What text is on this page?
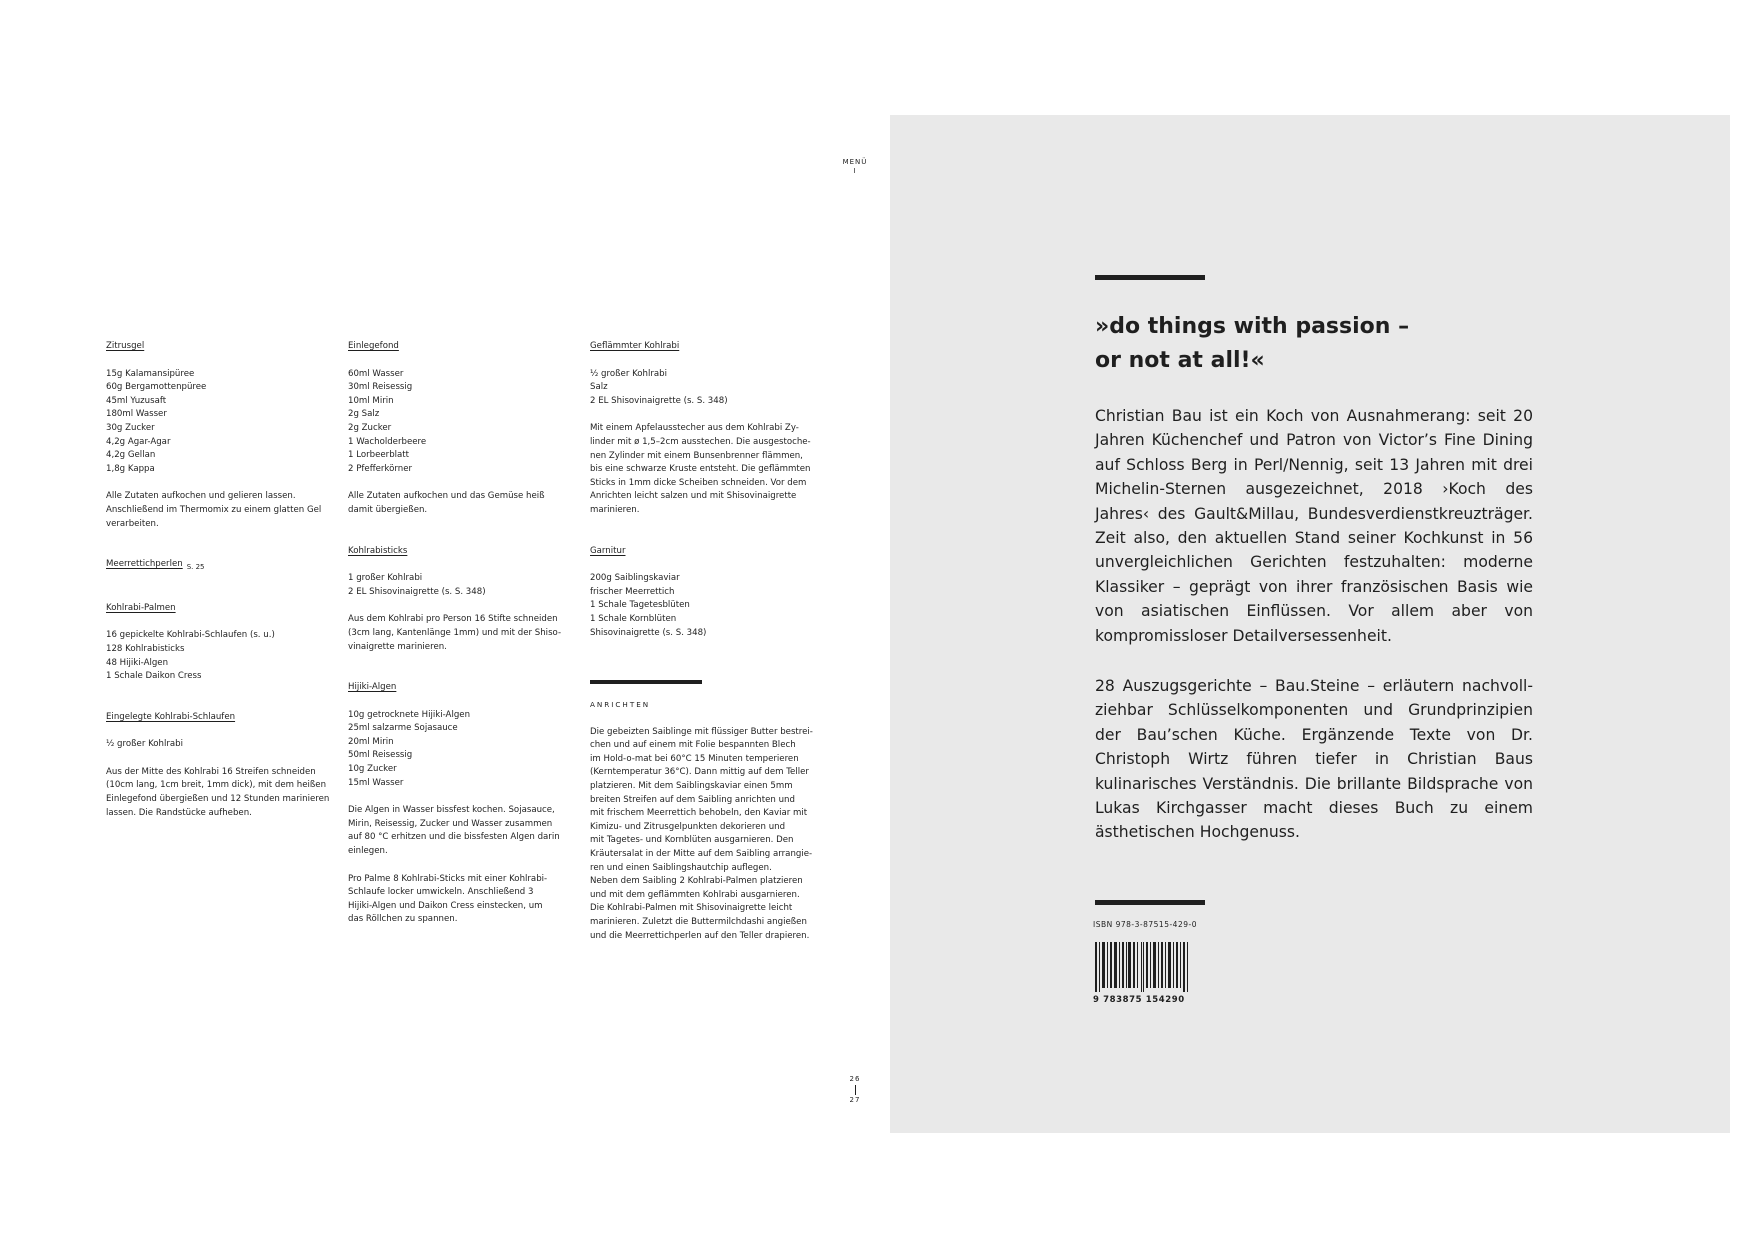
MENÜ
I
Zitrusgel
15g Kalamansipüree
60g Bergamottenpüree
45ml Yuzusaft
180ml Wasser
30g Zucker
4,2g Agar-Agar
4,2g Gellan
1,8g Kappa

Alle Zutaten aufkochen und gelieren lassen.
Anschließend im Thermomix zu einem glatten Gel
verarbeiten.

Meerrettichperlen $_{S. 25}$
Kohlrabi-Palmen
16 gepickelte Kohlrabi-Schlaufen (s. u.)
128 Kohlrabisticks
48 Hijiki-Algen
1 Schale Daikon Cress
Eingelegte Kohlrabi-Schlaufen
½ großer Kohlrabi

Aus der Mitte des Kohlrabi 16 Streifen schneiden
(10cm lang, 1cm breit, 1mm dick), mit dem heißen
Einlegefond übergießen und 12 Stunden marinieren
lassen. Die Randstücke aufheben.

Einlegefond
60ml Wasser
30ml Reisessig
10ml Mirin
2g Salz
2g Zucker
1 Wacholderbeere
1 Lorbeerblatt
2 Pfefferkörner

Alle Zutaten aufkochen und das Gemüse heiß
damit übergießen.

Kohlrabisticks
1 großer Kohlrabi
2 EL Shisovinaigrette (s. S. 348)

Aus dem Kohlrabi pro Person 16 Stifte schneiden
(3cm lang, Kantenlänge 1mm) und mit der Shiso-
vinaigrette marinieren.

Hijiki-Algen
10g getrocknete Hijiki-Algen
25ml salzarme Sojasauce
20ml Mirin
50ml Reisessig
10g Zucker
15ml Wasser

Die Algen in Wasser bissfest kochen. Sojasauce,
Mirin, Reisessig, Zucker und Wasser zusammen
auf 80 °C erhitzen und die bissfesten Algen darin
einlegen.

Pro Palme 8 Kohlrabi-Sticks mit einer Kohlrabi-
Schlaufe locker umwickeln. Anschließend 3
Hijiki-Algen und Daikon Cress einstecken, um
das Röllchen zu spannen.

Geflämmter Kohlrabi
½ großer Kohlrabi
Salz
2 EL Shisovinaigrette (s. S. 348)

Mit einem Apfelausstecher aus dem Kohlrabi Zy-
linder mit ø 1,5–2cm ausstechen. Die ausgestoche-
nen Zylinder mit einem Bunsenbrenner flämmen,
bis eine schwarze Kruste entsteht. Die geflämmten
Sticks in 1mm dicke Scheiben schneiden. Vor dem
Anrichten leicht salzen und mit Shisovinaigrette
marinieren.

Garnitur
200g Saiblingskaviar
frischer Meerrettich
1 Schale Tagetesblüten
1 Schale Kornblüten
Shisovinaigrette (s. S. 348)
ANRICHTEN

Die gebeizten Saiblinge mit flüssiger Butter bestrei-
chen und auf einem mit Folie bespannten Blech
im Hold-o-mat bei 60°C 15 Minuten temperieren
(Kerntemperatur 36°C). Dann mittig auf dem Teller
platzieren. Mit dem Saiblingskaviar einen 5mm
breiten Streifen auf dem Saibling anrichten und
mit frischem Meerrettich behobeln, den Kaviar mit
Kimizu- und Zitrusgelpunkten dekorieren und
mit Tagetes- und Kornblüten ausgarnieren. Den
Kräutersalat in der Mitte auf dem Saibling arrangie-
ren und einen Saiblingshautchip auflegen.
Neben dem Saibling 2 Kohlrabi-Palmen platzieren
und mit dem geflämmten Kohlrabi ausgarnieren.
Die Kohlrabi-Palmen mit Shisovinaigrette leicht
marinieren. Zuletzt die Buttermilchdashi angießen
und die Meerrettichperlen auf den Teller drapieren.

26
27

»do things with passion –
or not at all!«

Christian Bau ist ein Koch von Ausnahmerang: seit 20 Jahren Küchenchef und Patron von Victor’s Fine Dining auf Schloss Berg in Perl/Nennig, seit 13 Jahren mit drei Michelin-Sternen ausgezeichnet, 2018 ›Koch des Jahres‹ des Gault&Millau, Bundesverdienstkreuzträger. Zeit also, den aktuellen Stand seiner Kochkunst in 56 unvergleichlichen Gerichten festzuhalten: moderne Klassiker – geprägt von ihrer französischen Basis wie von asiatischen Einflüssen. Vor allem aber von kompromissloser Detailversessenheit.

28 Auszugsgerichte – Bau.Steine – erläutern nachvollziehbar Schlüsselkomponenten und Grundprinzipien der Bau’schen Küche. Ergänzende Texte von Dr. Christoph Wirtz führen tiefer in Christian Baus kulinarisches Verständnis. Die brillante Bildsprache von Lukas Kirchgasser macht dieses Buch zu einem ästhetischen Hochgenuss.

ISBN 978-3-87515-429-0
9 783875 154290
